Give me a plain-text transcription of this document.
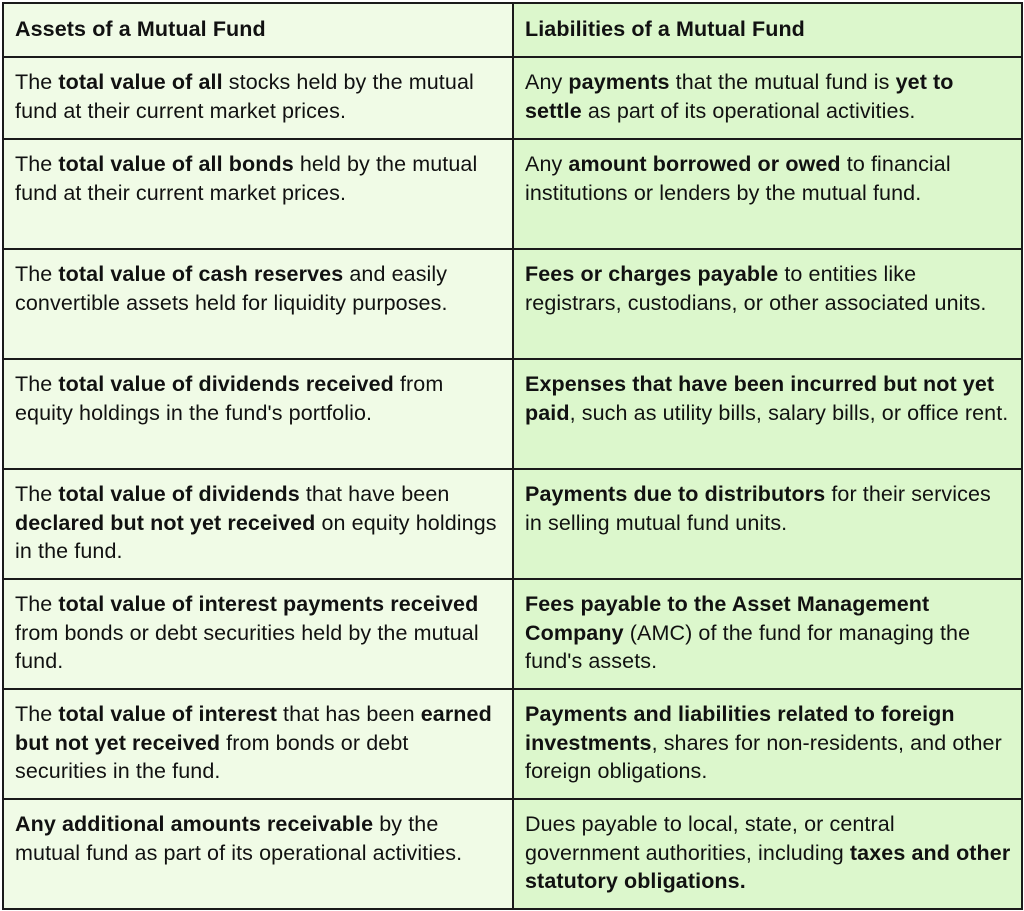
Assets of a Mutual Fund	Liabilities of a Mutual Fund
The total value of all stocks held by the mutual fund at their current market prices.	Any payments that the mutual fund is yet to settle as part of its operational activities.
The total value of all bonds held by the mutual fund at their current market prices.	Any amount borrowed or owed to financial institutions or lenders by the mutual fund.
The total value of cash reserves and easily convertible assets held for liquidity purposes.	Fees or charges payable to entities like registrars, custodians, or other associated units.
The total value of dividends received from equity holdings in the fund's portfolio.	Expenses that have been incurred but not yet paid, such as utility bills, salary bills, or office rent.
The total value of dividends that have been declared but not yet received on equity holdings in the fund.	Payments due to distributors for their services in selling mutual fund units.
The total value of interest payments received from bonds or debt securities held by the mutual fund.	Fees payable to the Asset Management Company (AMC) of the fund for managing the fund's assets.
The total value of interest that has been earned but not yet received from bonds or debt securities in the fund.	Payments and liabilities related to foreign investments, shares for non-residents, and other foreign obligations.
Any additional amounts receivable by the mutual fund as part of its operational activities.	Dues payable to local, state, or central government authorities, including taxes and other statutory obligations.
